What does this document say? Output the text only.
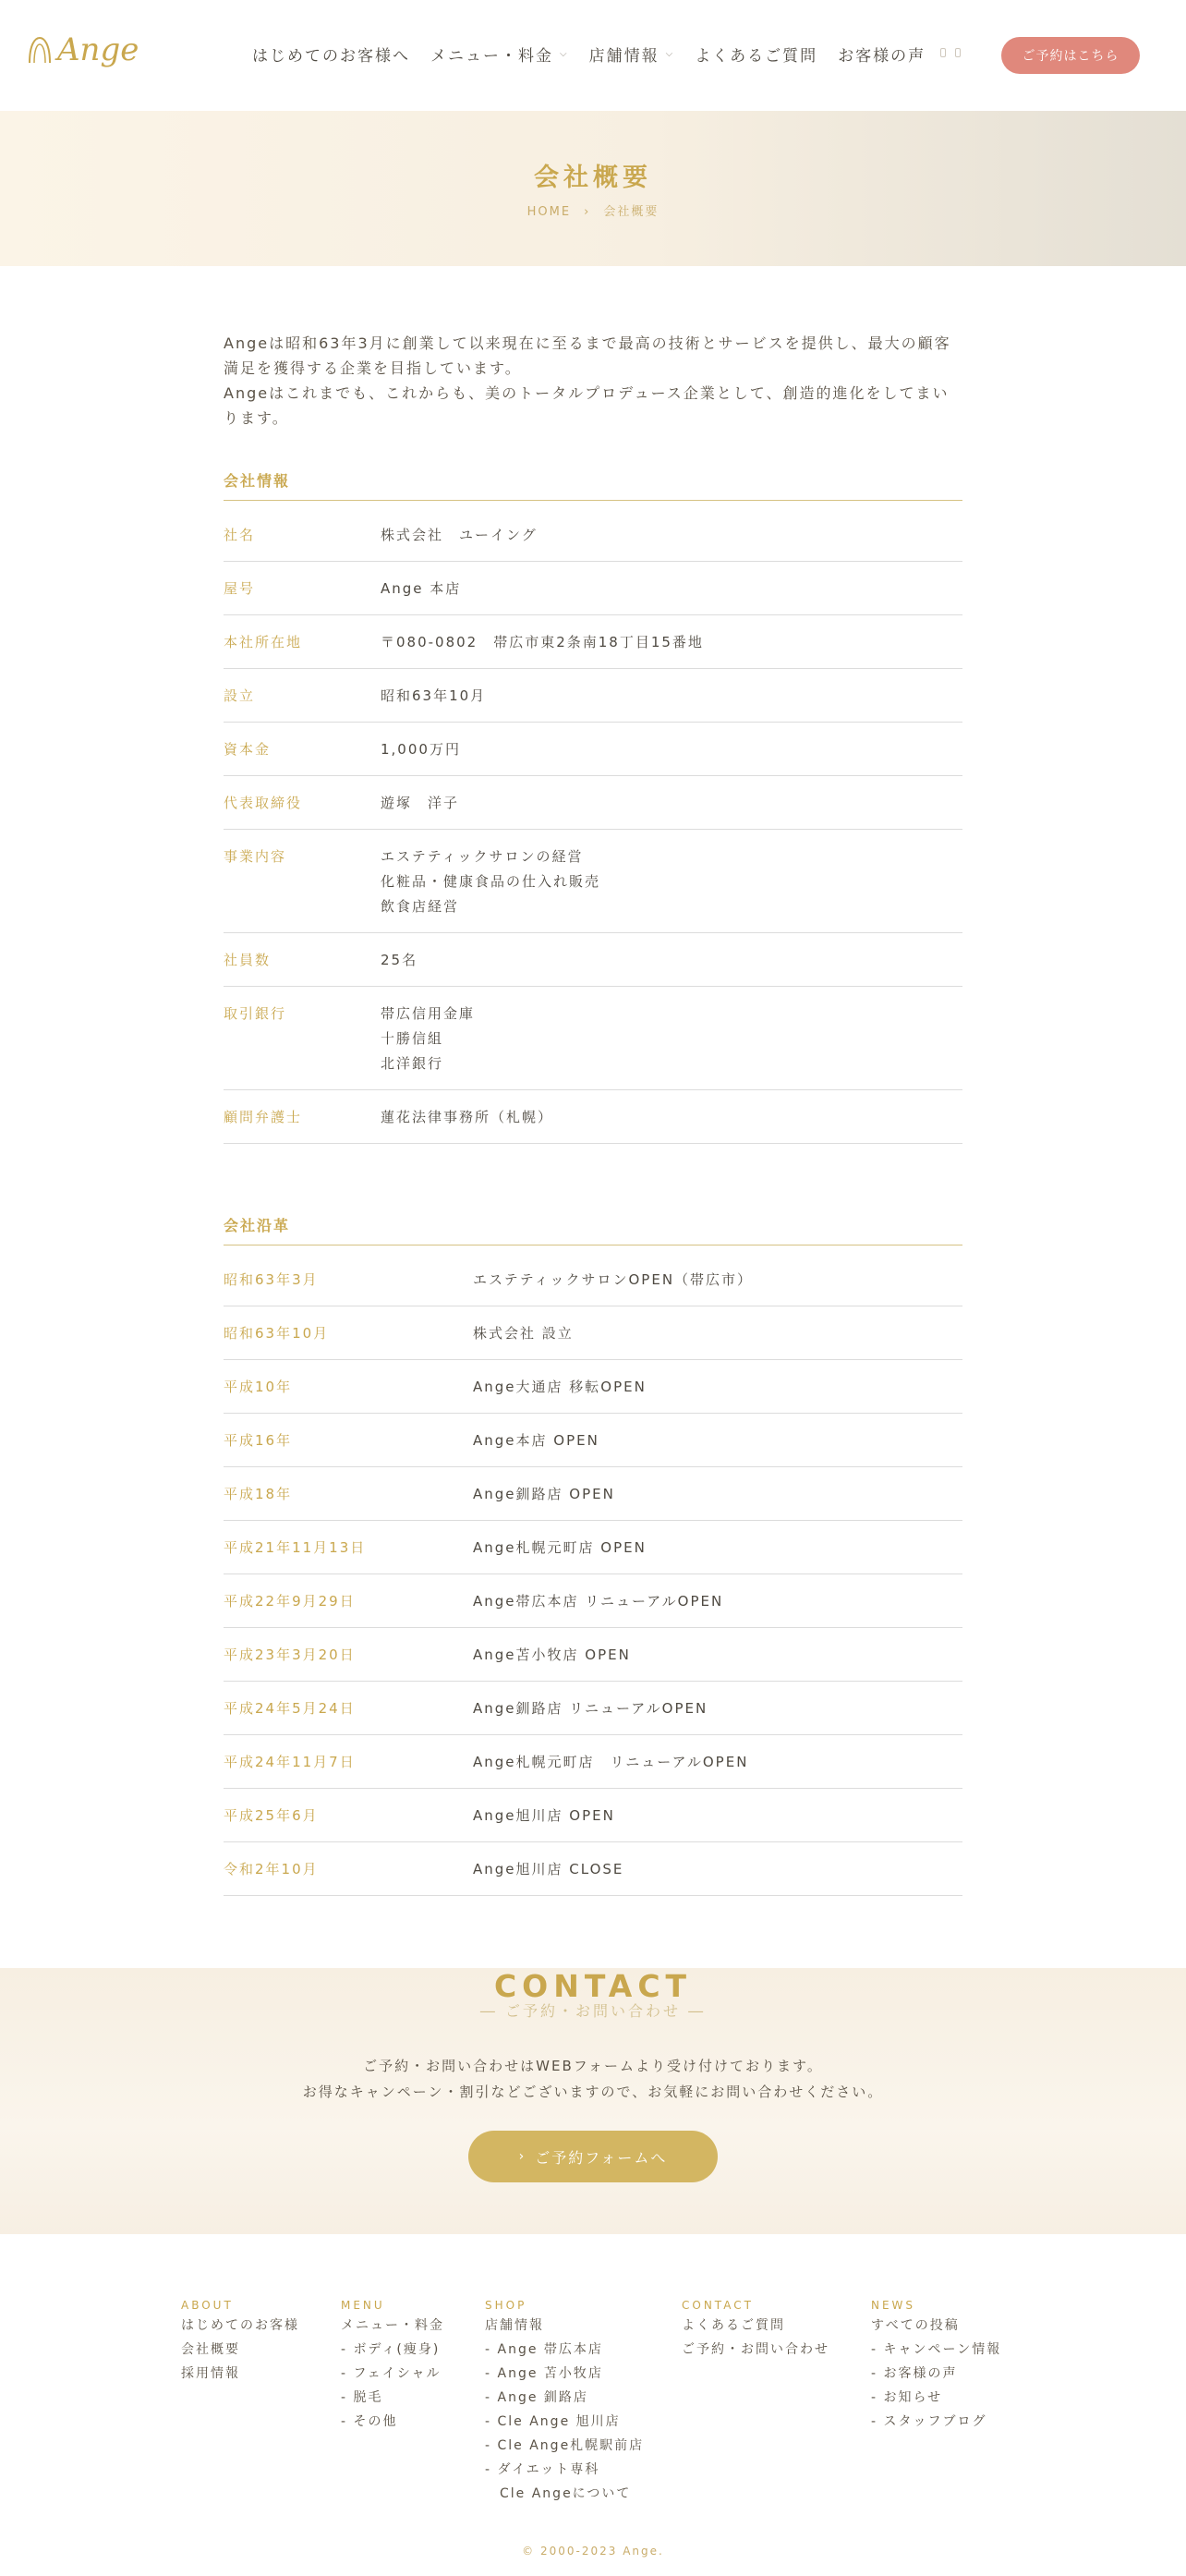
Ange	はじめてのお客様へ メニュー・料金 ⌵ 店舗情報 ⌵ よくあるご質問 お客様の声	ご予約はこちら
会社概要
HOME › 会社概要

Angeは昭和63年3月に創業して以来現在に至るまで最高の技術とサービスを提供し、最大の顧客満足を獲得する企業を目指しています。

Angeはこれまでも、これからも、美のトータルプロデュース企業として、創造的進化をしてまいります。

会社情報
社名	株式会社　ユーイング
屋号	Ange 本店
本社所在地	〒080-0802　帯広市東2条南18丁目15番地
設立	昭和63年10月
資本金	1,000万円
代表取締役	遊塚　洋子
事業内容	エステティックサロンの経営
化粧品・健康食品の仕入れ販売
飲食店経営
社員数	25名
取引銀行	帯広信用金庫
十勝信組
北洋銀行
顧問弁護士	蓮花法律事務所（札幌）
会社沿革
昭和63年3月	エステティックサロンOPEN（帯広市）
昭和63年10月	株式会社 設立
平成10年	Ange大通店 移転OPEN
平成16年	Ange本店 OPEN
平成18年	Ange釧路店 OPEN
平成21年11月13日	Ange札幌元町店 OPEN
平成22年9月29日	Ange帯広本店 リニューアルOPEN
平成23年3月20日	Ange苫小牧店 OPEN
平成24年5月24日	Ange釧路店 リニューアルOPEN
平成24年11月7日	Ange札幌元町店　リニューアルOPEN
平成25年6月	Ange旭川店 OPEN
令和2年10月	Ange旭川店 CLOSE
CONTACT
― ご予約・お問い合わせ ―
ご予約・お問い合わせはWEBフォームより受け付けております。
お得なキャンペーン・割引などございますので、お気軽にお問い合わせください。
› ご予約フォームへ
© 2000-2023 Ange.
ABOUT
はじめてのお客様
会社概要
採用情報
MENU
メニュー・料金
- ボディ(痩身)
- フェイシャル
- 脱毛
- その他
SHOP
店舗情報
- Ange 帯広本店
- Ange 苫小牧店
- Ange 釧路店
- Cle Ange 旭川店
- Cle Ange札幌駅前店
- ダイエット専科
　Cle Angeについて
CONTACT
よくあるご質問
ご予約・お問い合わせ
NEWS
すべての投稿
- キャンペーン情報
- お客様の声
- お知らせ
- スタッフブログ
